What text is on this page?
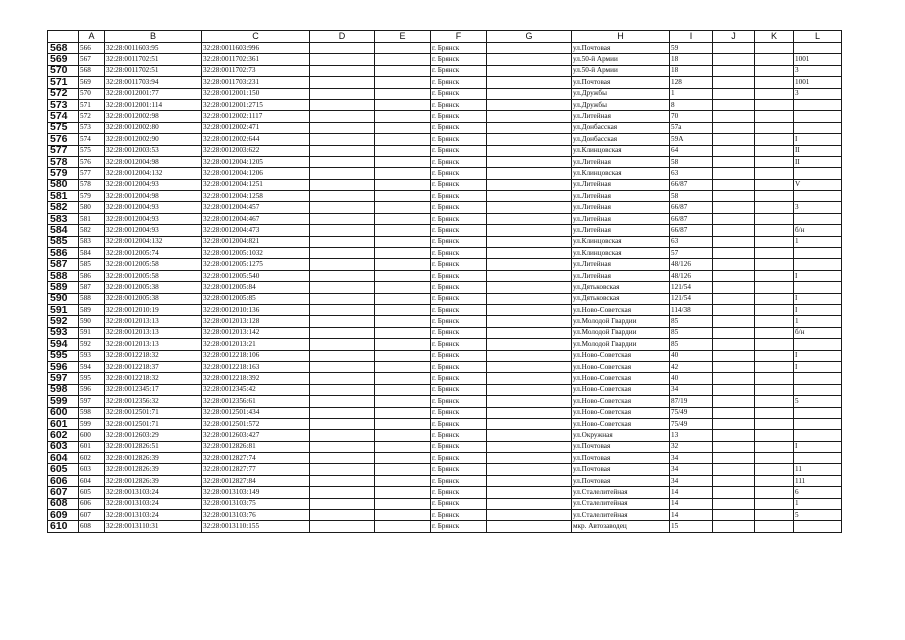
	A	B	C	D	E	F	G	H	I	J	K	L
568	566	32:28:0011603:95	32:28:0011603:996			г. Брянск		ул.Почтовая	59			
569	567	32:28:0011702:51	32:28:0011702:361			г. Брянск		ул.50-й Армии	18			1001
570	568	32:28:0011702:51	32:28:0011702:73			г. Брянск		ул.50-й Армии	18			3
571	569	32:28:0011703:94	32:28:0011703:231			г. Брянск		ул.Почтовая	128			1001
572	570	32:28:0012001:77	32:28:0012001:150			г. Брянск		ул.Дружбы	1			3
573	571	32:28:0012001:114	32:28:0012001:2715			г. Брянск		ул.Дружбы	8			
574	572	32:28:0012002:98	32:28:0012002:1117			г. Брянск		ул.Литейная	70			
575	573	32:28:0012002:80	32:28:0012002:471			г. Брянск		ул.Донбасская	57а			
576	574	32:28:0012002:90	32:28:0012002:644			г. Брянск		ул.Донбасская	59А			I
577	575	32:28:0012003:53	32:28:0012003:622			г. Брянск		ул.Клинцовская	64			II
578	576	32:28:0012004:98	32:28:0012004:1205			г. Брянск		ул.Литейная	58			II
579	577	32:28:0012004:132	32:28:0012004:1206			г. Брянск		ул.Клинцовская	63			
580	578	32:28:0012004:93	32:28:0012004:1251			г. Брянск		ул.Литейная	66/87			V
581	579	32:28:0012004:98	32:28:0012004:1258			г. Брянск		ул.Литейная	58			
582	580	32:28:0012004:93	32:28:0012004:457			г. Брянск		ул.Литейная	66/87			3
583	581	32:28:0012004:93	32:28:0012004:467			г. Брянск		ул.Литейная	66/87			
584	582	32:28:0012004:93	32:28:0012004:473			г. Брянск		ул.Литейная	66/87			б/н
585	583	32:28:0012004:132	32:28:0012004:821			г. Брянск		ул.Клинцовская	63			1
586	584	32:28:0012005:74	32:28:0012005:1032			г. Брянск		ул.Клинцовская	57			
587	585	32:28:0012005:58	32:28:0012005:1275			г. Брянск		ул.Литейная	48/126			
588	586	32:28:0012005:58	32:28:0012005:540			г. Брянск		ул.Литейная	48/126			I
589	587	32:28:0012005:38	32:28:0012005:84			г. Брянск		ул.Дятьковская	121/54			
590	588	32:28:0012005:38	32:28:0012005:85			г. Брянск		ул.Дятьковская	121/54			I
591	589	32:28:0012010:19	32:28:0012010:136			г. Брянск		ул.Ново-Советская	114/38			I
592	590	32:28:0012013:13	32:28:0012013:128			г. Брянск		ул.Молодой Гвардии	85			1
593	591	32:28:0012013:13	32:28:0012013:142			г. Брянск		ул.Молодой Гвардии	85			б/н
594	592	32:28:0012013:13	32:28:0012013:21			г. Брянск		ул.Молодой Гвардии	85			
595	593	32:28:0012218:32	32:28:0012218:106			г. Брянск		ул.Ново-Советская	40			I
596	594	32:28:0012218:37	32:28:0012218:163			г. Брянск		ул.Ново-Советская	42			I
597	595	32:28:0012218:32	32:28:0012218:392			г. Брянск		ул.Ново-Советская	40			
598	596	32:28:0012345:17	32:28:0012345:42			г. Брянск		ул.Ново-Советская	34			
599	597	32:28:0012356:32	32:28:0012356:61			г. Брянск		ул.Ново-Советская	87/19			5
600	598	32:28:0012501:71	32:28:0012501:434			г. Брянск		ул.Ново-Советская	75/49			
601	599	32:28:0012501:71	32:28:0012501:572			г. Брянск		ул.Ново-Советская	75/49			
602	600	32:28:0012603:29	32:28:0012603:427			г. Брянск		ул.Окружная	13			
603	601	32:28:0012826:51	32:28:0012826:81			г. Брянск		ул.Почтовая	32			I
604	602	32:28:0012826:39	32:28:0012827:74			г. Брянск		ул.Почтовая	34			
605	603	32:28:0012826:39	32:28:0012827:77			г. Брянск		ул.Почтовая	34			11
606	604	32:28:0012826:39	32:28:0012827:84			г. Брянск		ул.Почтовая	34			111
607	605	32:28:0013103:24	32:28:0013103:149			г. Брянск		ул.Сталелитейная	14			6
608	606	32:28:0013103:24	32:28:0013103:75			г. Брянск		ул.Сталелитейная	14			1
609	607	32:28:0013103:24	32:28:0013103:76			г. Брянск		ул.Сталелитейная	14			5
610	608	32:28:0013110:31	32:28:0013110:155			г. Брянск		мкр. Автозаводец	15			
